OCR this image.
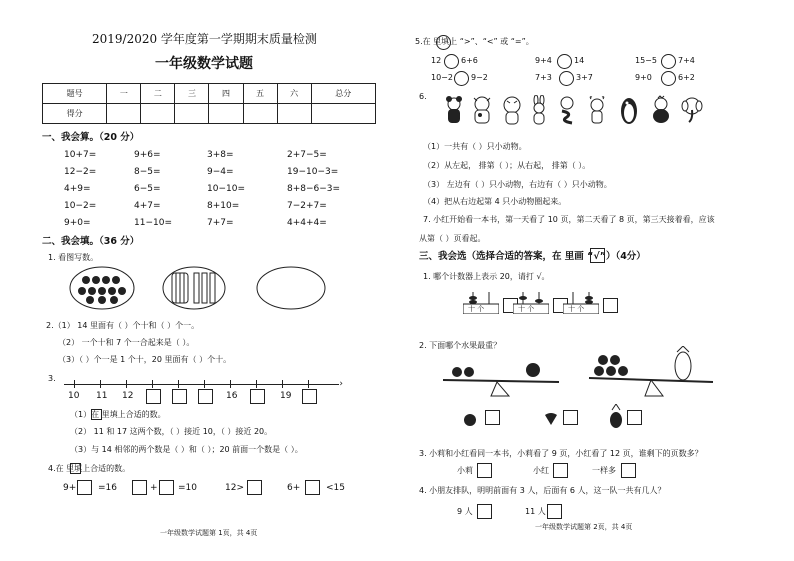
2019/2020 学年度第一学期期末质量检测
一年级数学试题
题号	一	二	三	四	五	六	总分
得分							
一、我会算。（20 分）
10+7=	9+6=	3+8=	2+7−5=
12−2=	8−5=	9−4=	19−10−3=
4+9=	6−5=	10−10=	8+8−6−3=
10−2=	4+7=	8+10=	7−2+7=
9+0=	11−10=	7+7=	4+4+4=
二、我会填。（36 分）
1. 看图写数。
2.（1） 14 里面有（ ）个十和（ ）个一。
（2） 一个十和 7 个一合起来是（ ）。
（3）（ ）个一是 1 个十，20 里面有（ ）个十。
3.
›
10 11 12	16	19
（1）在 里填上合适的数。
（2） 11 和 17 这两个数，（ ）接近 10，（ ）接近 20。
（3）与 14 相邻的两个数是（ ）和（ ）；20 前面一个数是（ ）。
4.在 里填上合适的数。
9+ =16	+ =10	12>	6+	<15
一年级数学试题第 1页，共 4页
5.在 里填上 “>”、“<” 或 “=”。
12 6+6	9+4	14	15−5	7+4
10−2 9−2	7+3	3+7	9+0	6+2
6.
（1）一共有（ ）只小动物。
（2）从左起， 排第（ ）；从右起， 排第（ ）。
（3） 左边有（ ）只小动物，右边有（ ）只小动物。
（4）把从右边起第 4 只小动物圈起来。
7. 小红开始看一本书，第一天看了 10 页，第二天看了 8 页，第三天接着看，应该
从第（ ）页看起。
三、我会选（选择合适的答案，在 里画 “√”）（4分）
1. 哪个计数器上表示 20，请打 √。
十 个	十 个	十 个
2. 下面哪个水果最重？
3. 小莉和小红看同一本书，小莉看了 9 页，小红看了 12 页，谁剩下的页数多？
小莉	小红	一样多
4. 小朋友排队，明明前面有 3 人，后面有 6 人，这一队一共有几人？
9 人	11 人
一年级数学试题第 2页，共 4页
